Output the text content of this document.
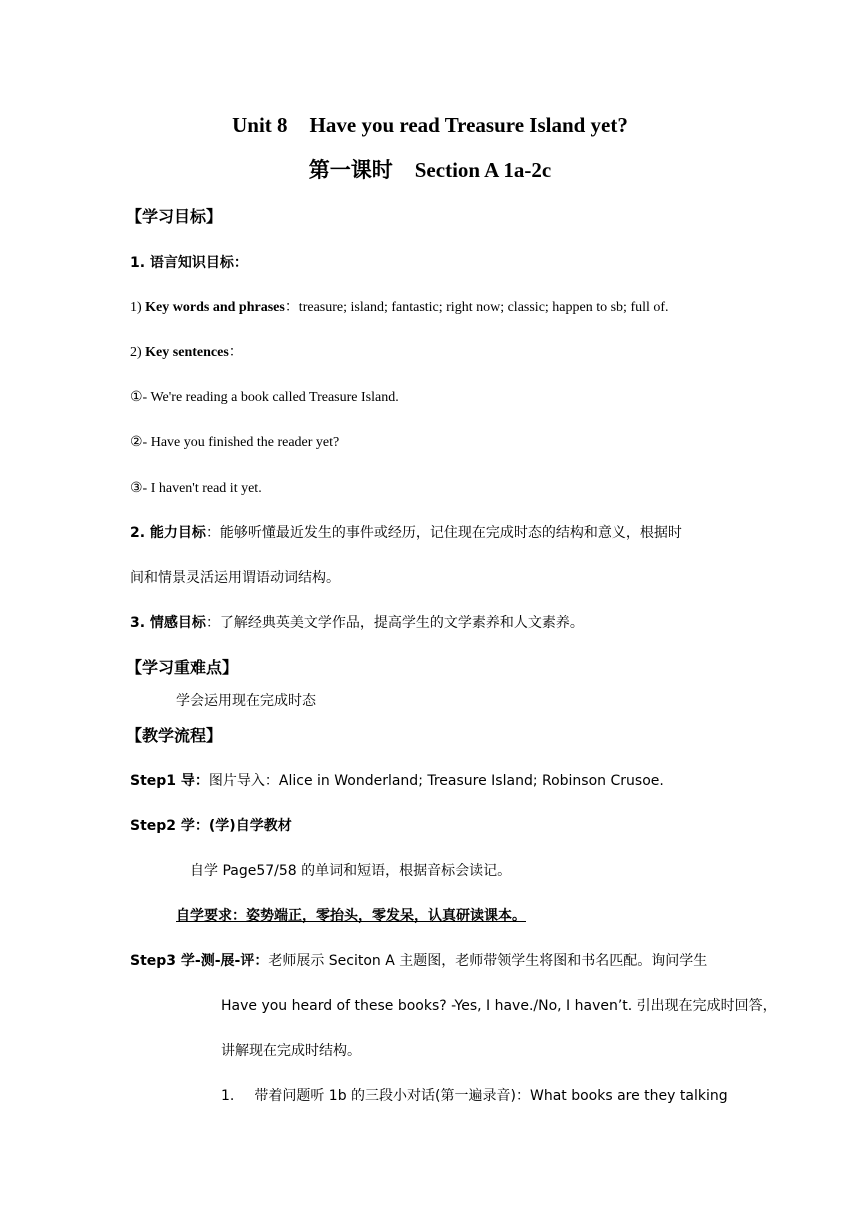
Unit 8 Have you read Treasure Island yet?
第一课时 Section A 1a-2c
【学习目标】
1. 语言知识目标：
1) Key words and phrases：treasure; island; fantastic; right now; classic; happen to sb; full of.
2) Key sentences：
①- We're reading a book called Treasure Island.
②- Have you finished the reader yet?
③- I haven't read it yet.
2. 能力目标：能够听懂最近发生的事件或经历，记住现在完成时态的结构和意义，根据时
间和情景灵活运用谓语动词结构。
3. 情感目标：了解经典英美文学作品，提高学生的文学素养和人文素养。
【学习重难点】
学会运用现在完成时态
【教学流程】
Step1 导：图片导入：Alice in Wonderland; Treasure Island; Robinson Crusoe.
Step2 学：(学)自学教材
自学 Page57/58 的单词和短语，根据音标会读记。
自学要求：姿势端正，零抬头，零发呆，认真研读课本。
Step3 学-测-展-评：老师展示 Seciton A 主题图，老师带领学生将图和书名匹配。询问学生
Have you heard of these books? -Yes, I have./No, I haven’t. 引出现在完成时回答，
讲解现在完成时结构。
1. 带着问题听 1b 的三段小对话(第一遍录音)：What books are they talking
